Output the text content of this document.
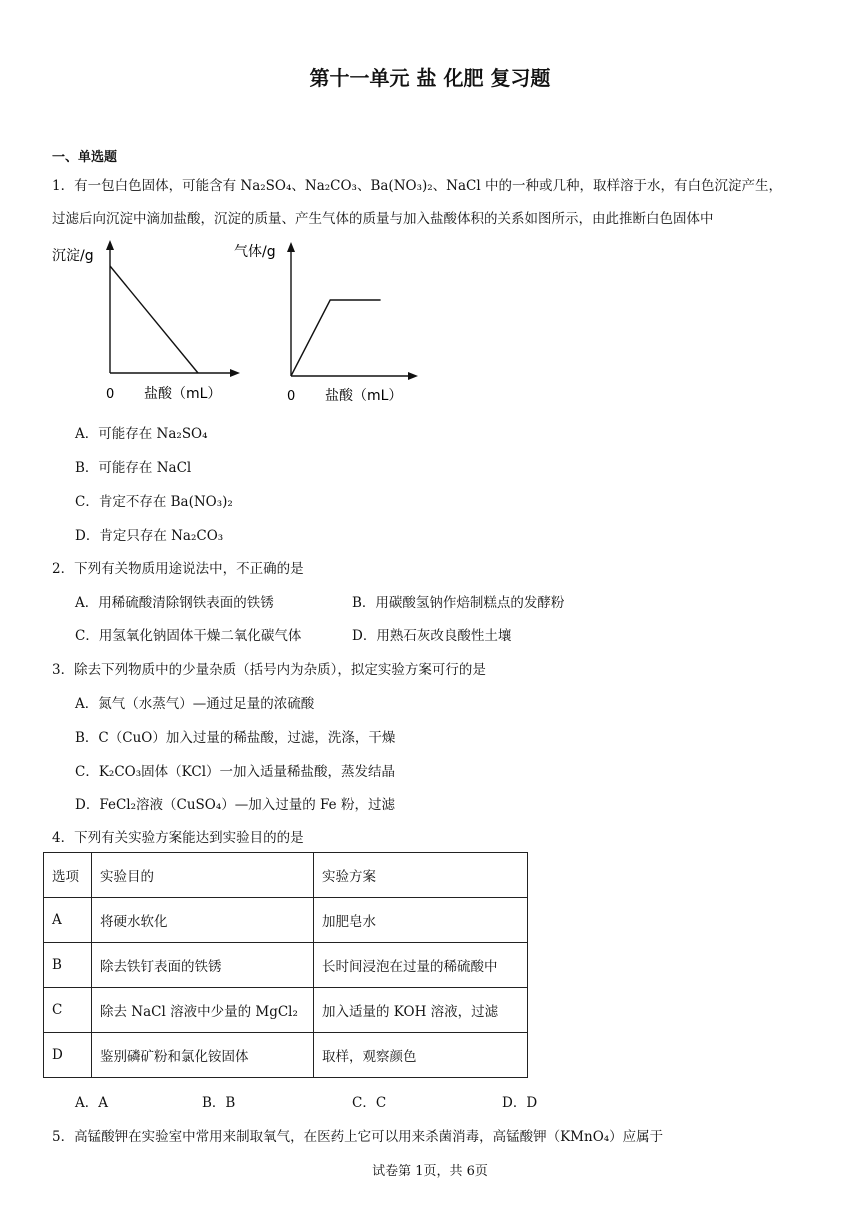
第十一单元 盐 化肥 复习题
一、单选题
1．有一包白色固体，可能含有 Na₂SO₄、Na₂CO₃、Ba(NO₃)₂、NaCl 中的一种或几种，取样溶于水，有白色沉淀产生，
过滤后向沉淀中滴加盐酸，沉淀的质量、产生气体的质量与加入盐酸体积的关系如图所示，由此推断白色固体中
沉淀/g
0 盐酸（mL）
气体/g
0 盐酸（mL）
A．可能存在 Na₂SO₄
B．可能存在 NaCl
C．肯定不存在 Ba(NO₃)₂
D．肯定只存在 Na₂CO₃
2．下列有关物质用途说法中，不正确的是
A．用稀硫酸清除钢铁表面的铁锈	B．用碳酸氢钠作焙制糕点的发酵粉
C．用氢氧化钠固体干燥二氧化碳气体	D．用熟石灰改良酸性土壤
3．除去下列物质中的少量杂质（括号内为杂质），拟定实验方案可行的是
A．氮气（水蒸气）—通过足量的浓硫酸
B．C（CuO）加入过量的稀盐酸，过滤，洗涤，干燥
C．K₂CO₃固体（KCl）一加入适量稀盐酸，蒸发结晶
D．FeCl₂溶液（CuSO₄）—加入过量的 Fe 粉，过滤
4．下列有关实验方案能达到实验目的的是
选项	实验目的	实验方案
A	将硬水软化	加肥皂水
B	除去铁钉表面的铁锈	长时间浸泡在过量的稀硫酸中
C	除去 NaCl 溶液中少量的 MgCl₂	加入适量的 KOH 溶液，过滤
D	鉴别磷矿粉和氯化铵固体	取样，观察颜色
A．A	B．B	C．C	D．D
5．高锰酸钾在实验室中常用来制取氧气，在医药上它可以用来杀菌消毒，高锰酸钾（KMnO₄）应属于
试卷第 1页，共 6页
